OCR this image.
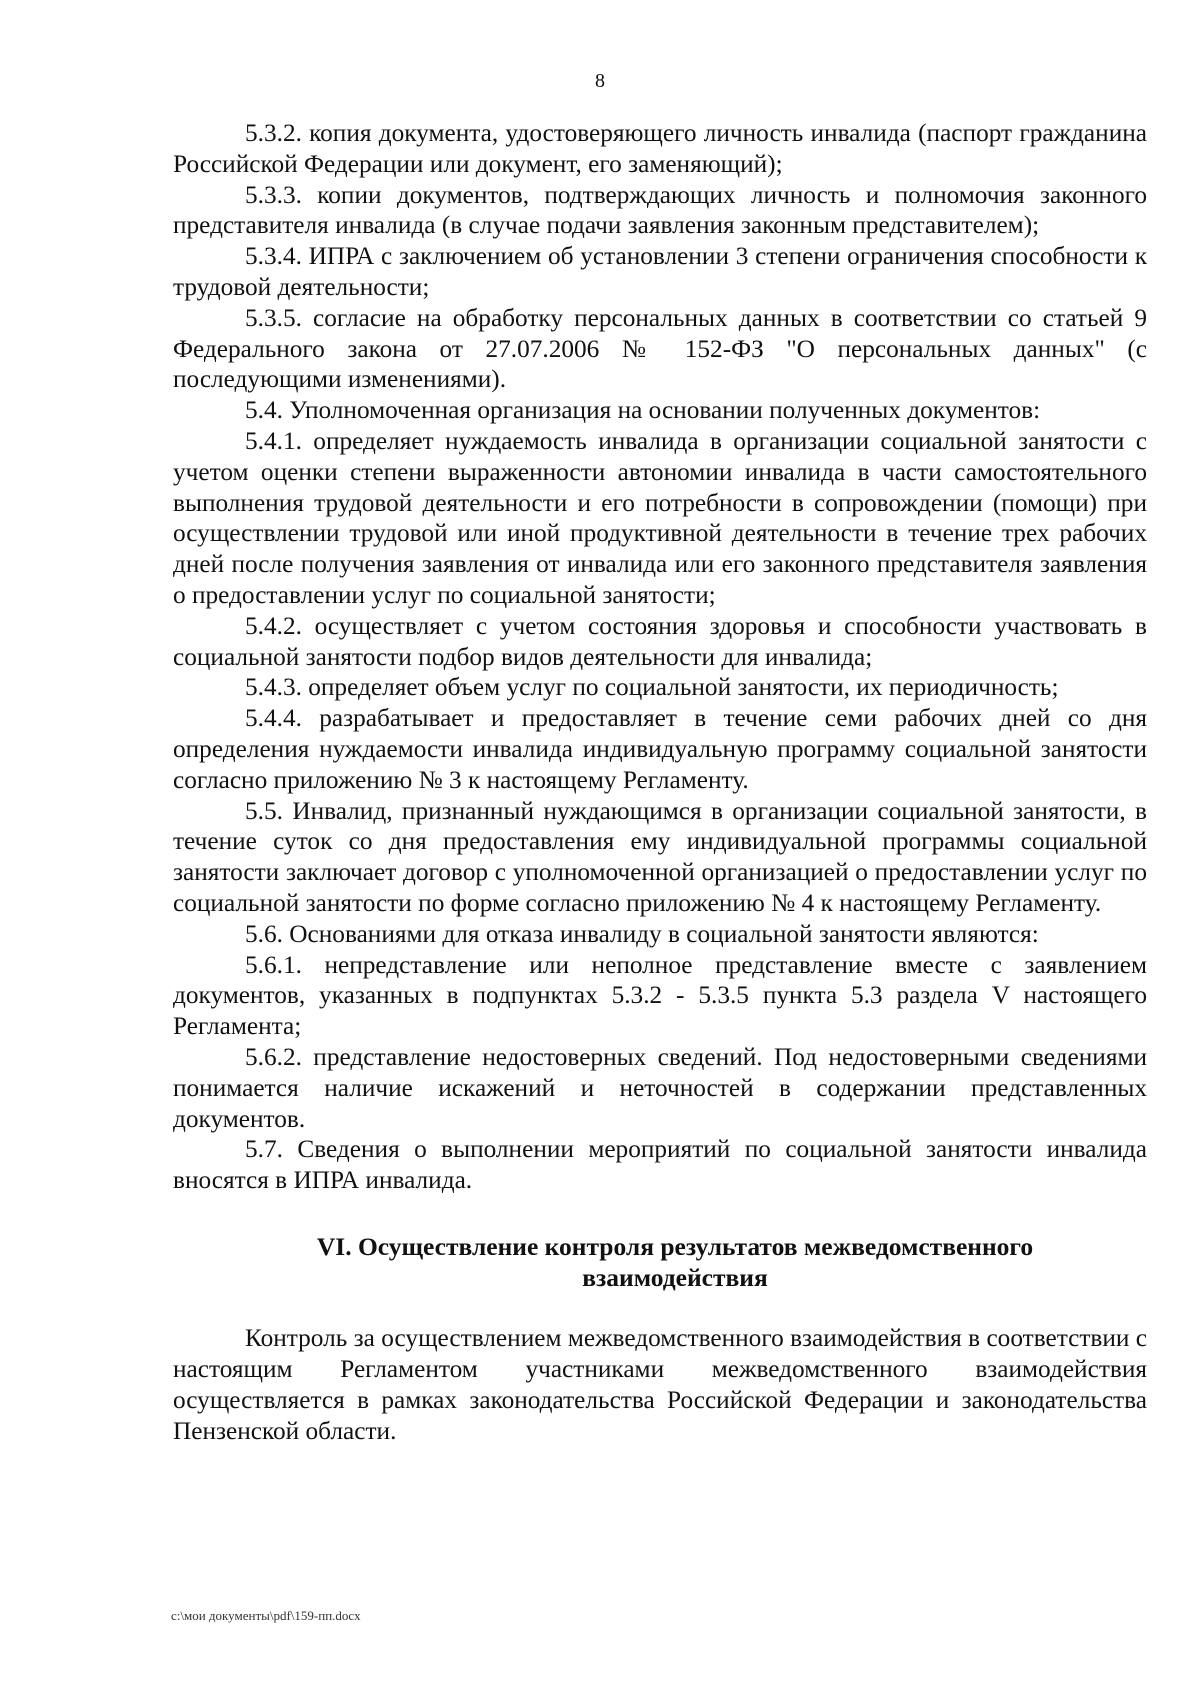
8

5.3.2. копия документа, удостоверяющего личность инвалида (паспорт гражданина Российской Федерации или документ, его заменяющий);

5.3.3. копии документов, подтверждающих личность и полномочия законного представителя инвалида (в случае подачи заявления законным представителем);

5.3.4. ИПРА с заключением об установлении 3 степени ограничения способности к трудовой деятельности;

5.3.5. согласие на обработку персональных данных в соответствии со статьей 9 Федерального закона от 27.07.2006 № 152-ФЗ "О персональных данных" (с последующими изменениями).

5.4. Уполномоченная организация на основании полученных документов:

5.4.1. определяет нуждаемость инвалида в организации социальной занятости с учетом оценки степени выраженности автономии инвалида в части самостоятельного выполнения трудовой деятельности и его потребности в сопровождении (помощи) при осуществлении трудовой или иной продуктивной деятельности в течение трех рабочих дней после получения заявления от инвалида или его законного представителя заявления о предоставлении услуг по социальной занятости;

5.4.2. осуществляет с учетом состояния здоровья и способности участвовать в социальной занятости подбор видов деятельности для инвалида;

5.4.3. определяет объем услуг по социальной занятости, их периодичность;

5.4.4. разрабатывает и предоставляет в течение семи рабочих дней со дня определения нуждаемости инвалида индивидуальную программу социальной занятости согласно приложению № 3 к настоящему Регламенту.

5.5. Инвалид, признанный нуждающимся в организации социальной занятости, в течение суток со дня предоставления ему индивидуальной программы социальной занятости заключает договор с уполномоченной организацией о предоставлении услуг по социальной занятости по форме согласно приложению № 4 к настоящему Регламенту.

5.6. Основаниями для отказа инвалиду в социальной занятости являются:

5.6.1. непредставление или неполное представление вместе с заявлением документов, указанных в подпунктах 5.3.2 - 5.3.5 пункта 5.3 раздела V настоящего Регламента;

5.6.2. представление недостоверных сведений. Под недостоверными сведениями понимается наличие искажений и неточностей в содержании представленных документов.

5.7. Сведения о выполнении мероприятий по социальной занятости инвалида вносятся в ИПРА инвалида.

VI. Осуществление контроля результатов межведомственного взаимодействия

Контроль за осуществлением межведомственного взаимодействия в соответствии с настоящим Регламентом участниками межведомственного взаимодействия осуществляется в рамках законодательства Российской Федерации и законодательства Пензенской области.

c:\мои документы\pdf\159-пп.docx
